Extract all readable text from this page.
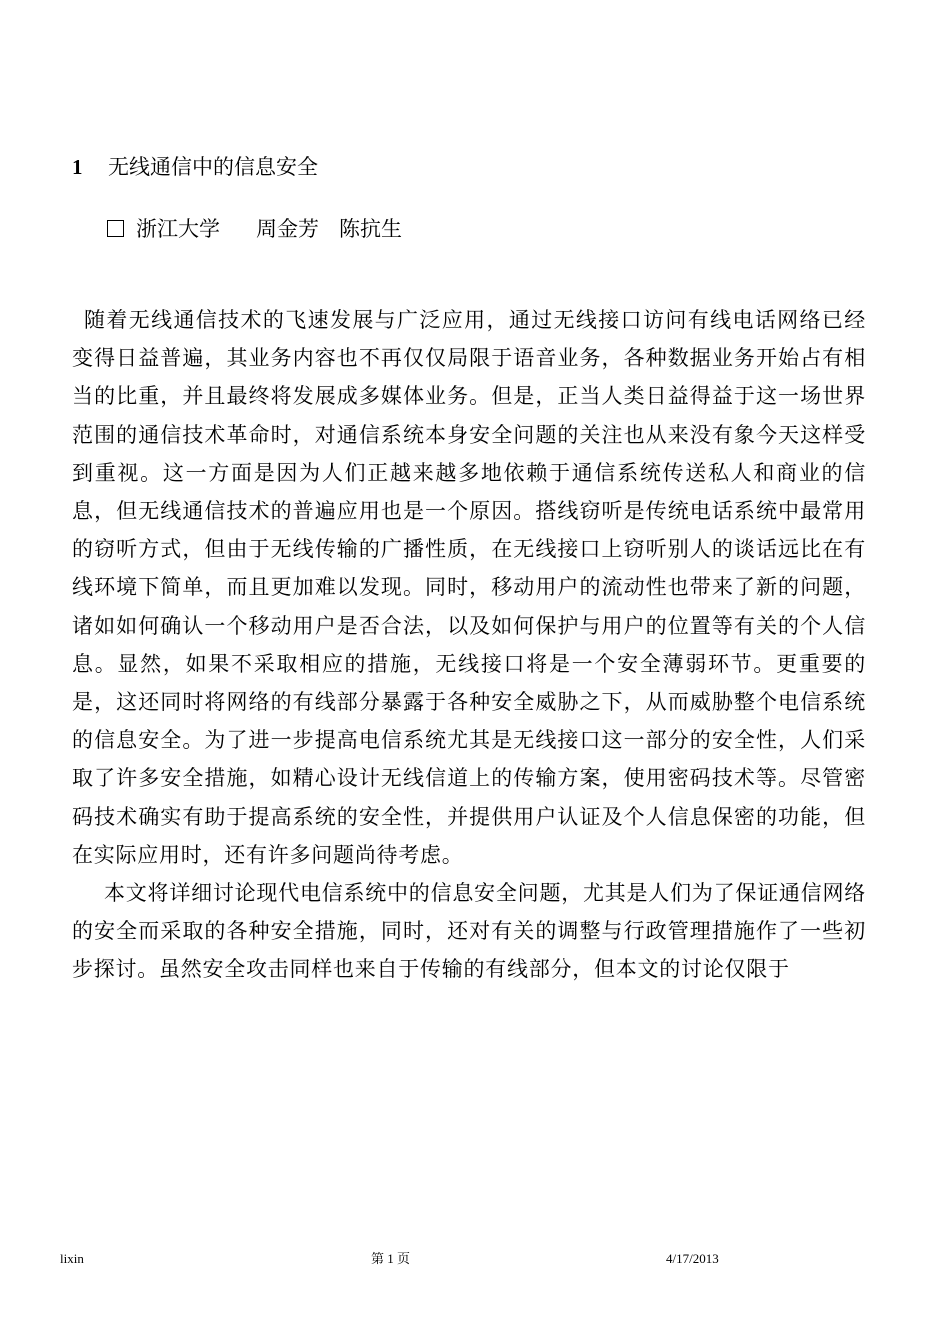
1 无线通信中的信息安全
浙江大学 周金芳 陈抗生

随着无线通信技术的飞速发展与广泛应用，通过无线接口访问有线电话网络已经变得日益普遍，其业务内容也不再仅仅局限于语音业务，各种数据业务开始占有相当的比重，并且最终将发展成多媒体业务。但是，正当人类日益得益于这一场世界范围的通信技术革命时，对通信系统本身安全问题的关注也从来没有象今天这样受到重视。这一方面是因为人们正越来越多地依赖于通信系统传送私人和商业的信息，但无线通信技术的普遍应用也是一个原因。搭线窃听是传统电话系统中最常用的窃听方式，但由于无线传输的广播性质，在无线接口上窃听别人的谈话远比在有线环境下简单，而且更加难以发现。同时，移动用户的流动性也带来了新的问题，诸如如何确认一个移动用户是否合法，以及如何保护与用户的位置等有关的个人信息。显然，如果不采取相应的措施，无线接口将是一个安全薄弱环节。更重要的是，这还同时将网络的有线部分暴露于各种安全威胁之下，从而威胁整个电信系统的信息安全。为了进一步提高电信系统尤其是无线接口这一部分的安全性，人们采取了许多安全措施，如精心设计无线信道上的传输方案，使用密码技术等。尽管密码技术确实有助于提高系统的安全性，并提供用户认证及个人信息保密的功能，但在实际应用时，还有许多问题尚待考虑。

本文将详细讨论现代电信系统中的信息安全问题，尤其是人们为了保证通信网络的安全而采取的各种安全措施，同时，还对有关的调整与行政管理措施作了一些初步探讨。虽然安全攻击同样也来自于传输的有线部分，但本文的讨论仅限于

lixin	第 1 页	4/17/2013
